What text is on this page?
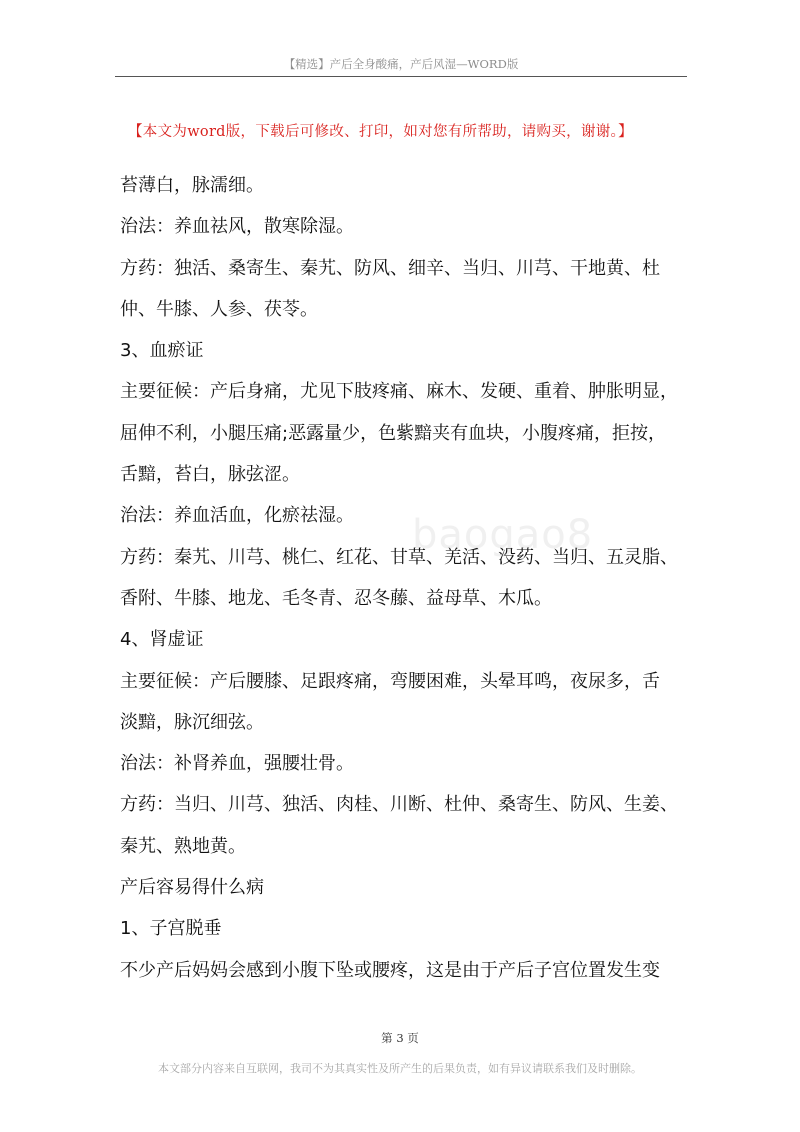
【精选】产后全身酸痛，产后风湿—WORD版
【本文为word版，下载后可修改、打印，如对您有所帮助，请购买，谢谢。】
baogao8
苔薄白，脉濡细。
治法：养血祛风，散寒除湿。
方药：独活、桑寄生、秦艽、防风、细辛、当归、川芎、干地黄、杜
仲、牛膝、人参、茯苓。
3、血瘀证
主要征候：产后身痛，尤见下肢疼痛、麻木、发硬、重着、肿胀明显，
屈伸不利，小腿压痛;恶露量少，色紫黯夹有血块，小腹疼痛，拒按，
舌黯，苔白，脉弦涩。
治法：养血活血，化瘀祛湿。
方药：秦艽、川芎、桃仁、红花、甘草、羌活、没药、当归、五灵脂、
香附、牛膝、地龙、毛冬青、忍冬藤、益母草、木瓜。
4、肾虚证
主要征候：产后腰膝、足跟疼痛，弯腰困难，头晕耳鸣，夜尿多，舌
淡黯，脉沉细弦。
治法：补肾养血，强腰壮骨。
方药：当归、川芎、独活、肉桂、川断、杜仲、桑寄生、防风、生姜、
秦艽、熟地黄。
产后容易得什么病
1、子宫脱垂
不少产后妈妈会感到小腹下坠或腰疼，这是由于产后子宫位置发生变
第 3 页
本文部分内容来自互联网，我司不为其真实性及所产生的后果负责，如有异议请联系我们及时删除。
